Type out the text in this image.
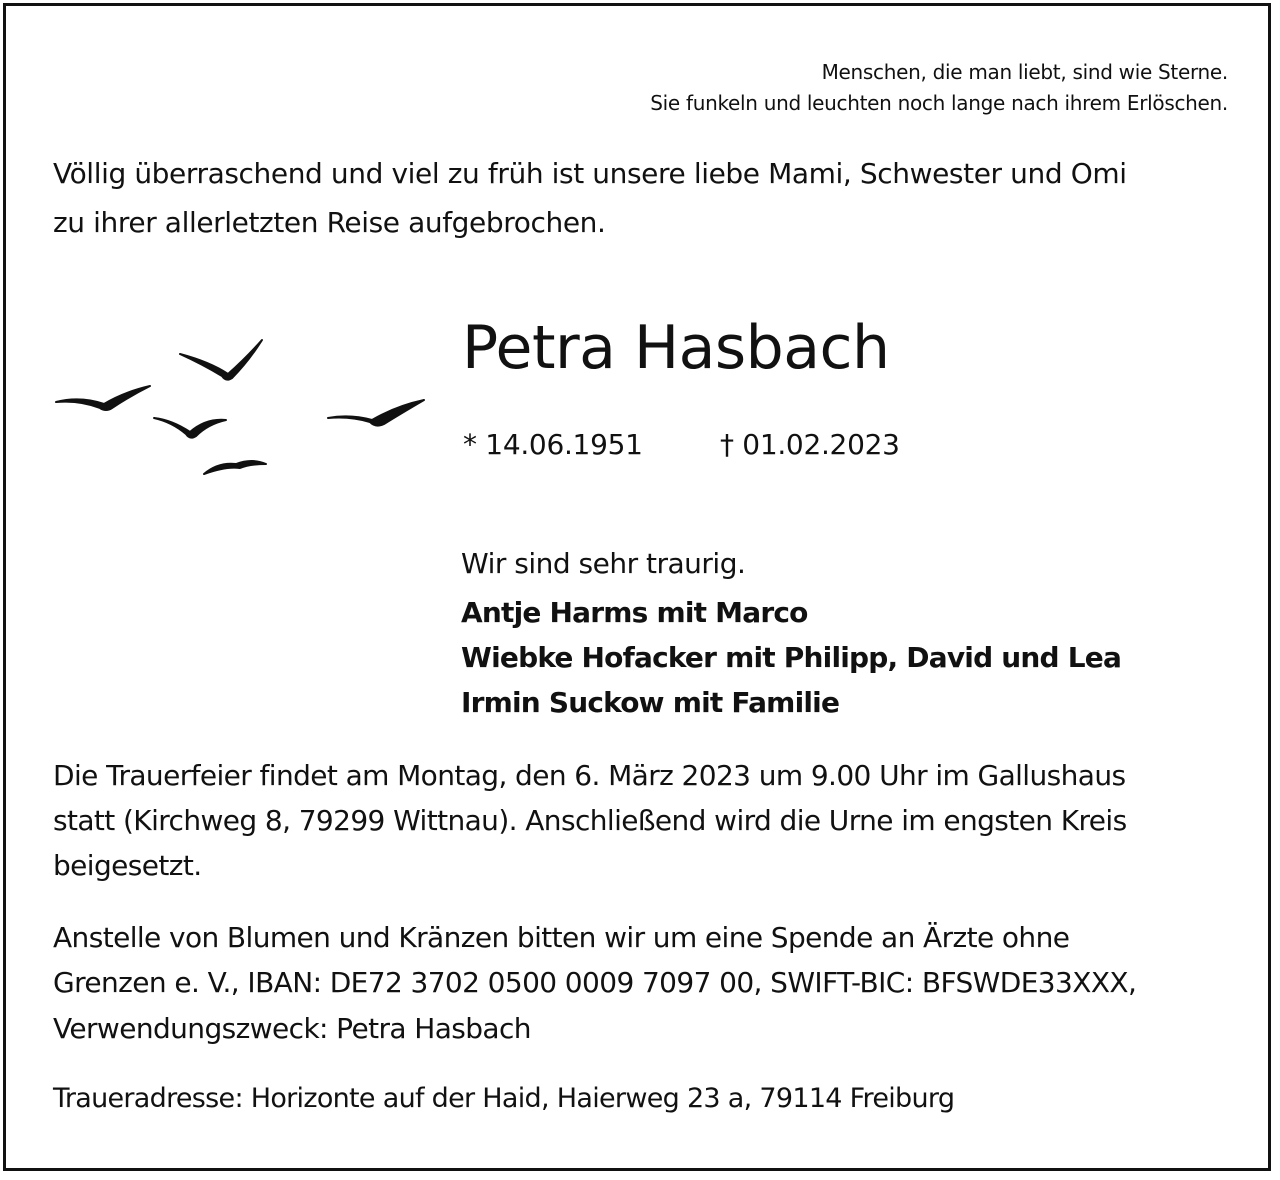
Menschen, die man liebt, sind wie Sterne.
Sie funkeln und leuchten noch lange nach ihrem Erlöschen.
Völlig überraschend und viel zu früh ist unsere liebe Mami, Schwester und Omi
zu ihrer allerletzten Reise aufgebrochen.
Petra Hasbach
* 14.06.1951	† 01.02.2023
Wir sind sehr traurig.
Antje Harms mit Marco
Wiebke Hofacker mit Philipp, David und Lea
Irmin Suckow mit Familie
Die Trauerfeier findet am Montag, den 6. März 2023 um 9.00 Uhr im Gallushaus
statt (Kirchweg 8, 79299 Wittnau). Anschließend wird die Urne im engsten Kreis
beigesetzt.
Anstelle von Blumen und Kränzen bitten wir um eine Spende an Ärzte ohne
Grenzen e. V., IBAN: DE72 3702 0500 0009 7097 00, SWIFT-BIC: BFSWDE33XXX,
Verwendungszweck: Petra Hasbach
Traueradresse: Horizonte auf der Haid, Haierweg 23 a, 79114 Freiburg
